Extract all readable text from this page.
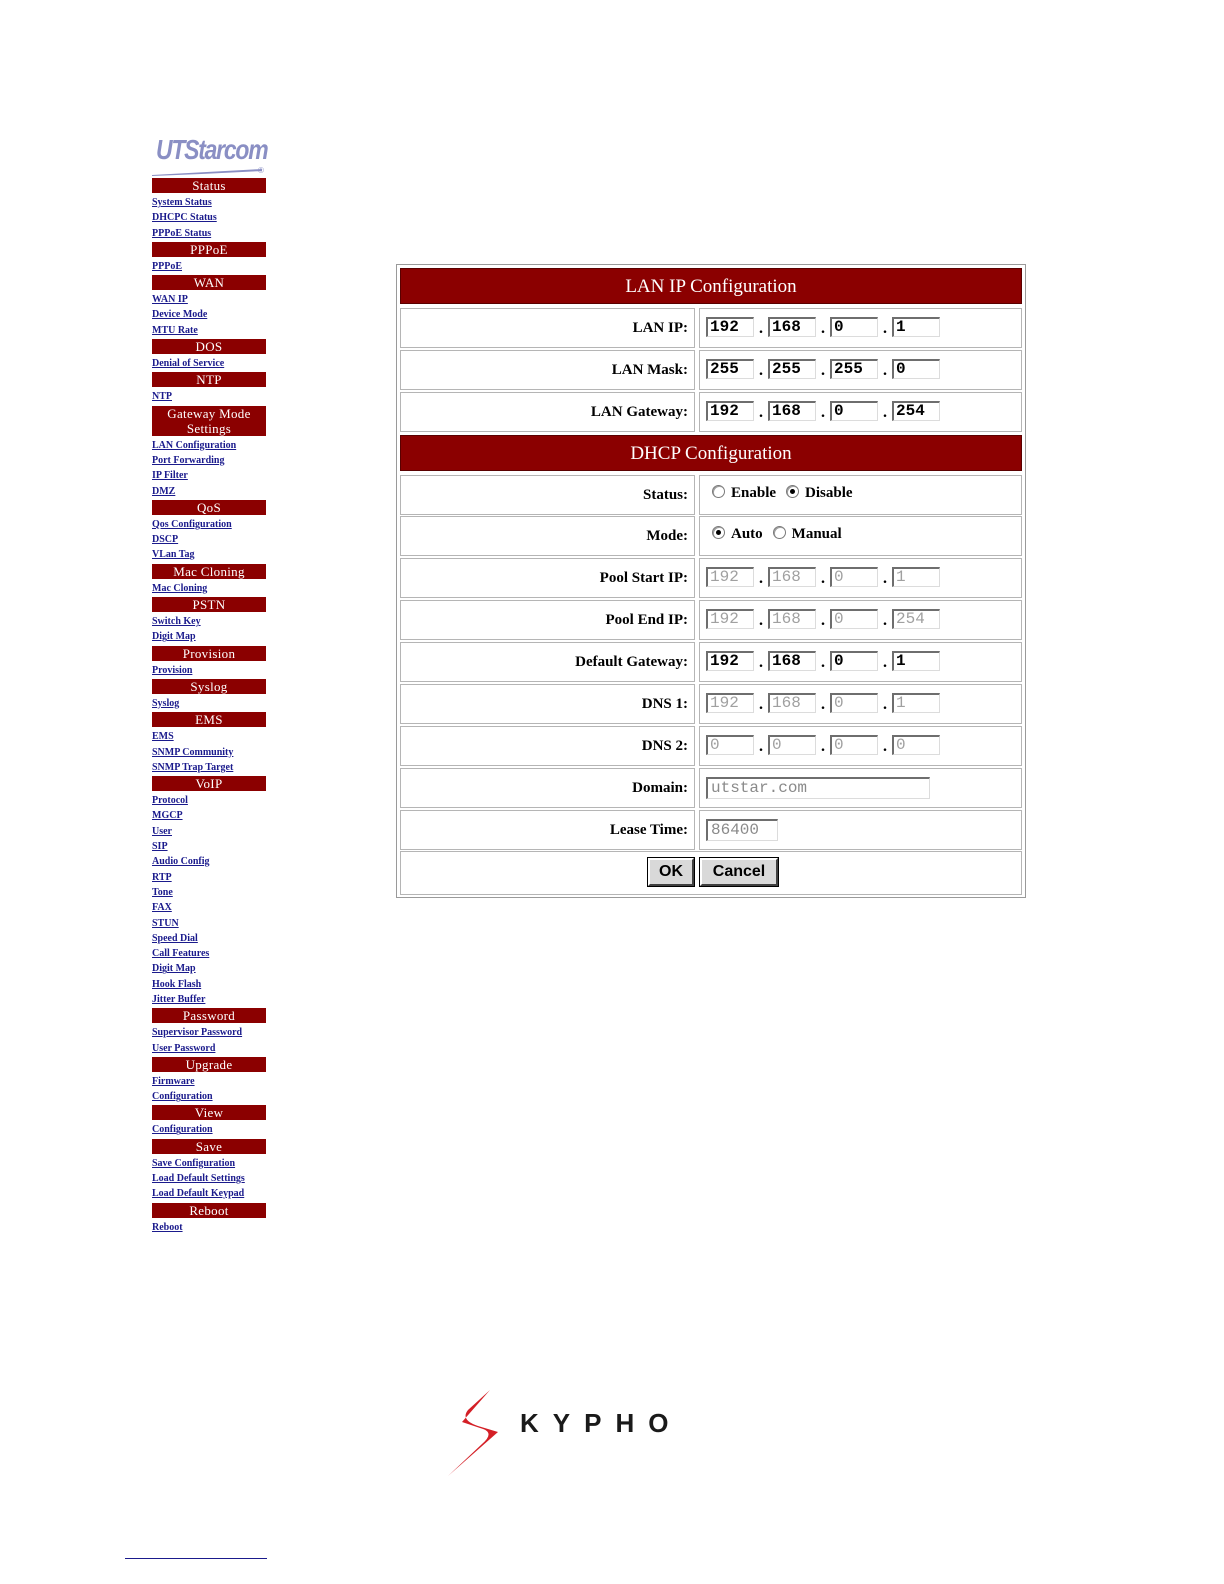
UTStarcom
®
Status
System Status
DHCPC Status
PPPoE Status
PPPoE
PPPoE
WAN
WAN IP
Device Mode
MTU Rate
DOS
Denial of Service
NTP
NTP
Gateway Mode Settings
LAN Configuration
Port Forwarding
IP Filter
DMZ
QoS
Qos Configuration
DSCP
VLan Tag
Mac Cloning
Mac Cloning
PSTN
Switch Key
Digit Map
Provision
Provision
Syslog
Syslog
EMS
EMS
SNMP Community
SNMP Trap Target
VoIP
Protocol
MGCP
User
SIP
Audio Config
RTP
Tone
FAX
STUN
Speed Dial
Call Features
Digit Map
Hook Flash
Jitter Buffer
Password
Supervisor Password
User Password
Upgrade
Firmware
Configuration
View
Configuration
Save
Save Configuration
Load Default Settings
Load Default Keypad
Reboot
Reboot
LAN IP Configuration
LAN IP:	192	. 168	. 0	. 1
LAN Mask:	255	. 255	. 255	. 0
LAN Gateway:	192	. 168	. 0	. 254
DHCP Configuration
Status:	Enable Disable
Mode:	Auto Manual
Pool Start IP:	192	. 168	. 0	. 1
Pool End IP:	192	. 168	. 0	. 254
Default Gateway:	192	. 168	. 0	. 1
DNS 1:	192	. 168	. 0	. 1
DNS 2:	0	. 0	. 0	. 0
Domain:	utstar.com
Lease Time:	86400
OK	Cancel
KYPHO
